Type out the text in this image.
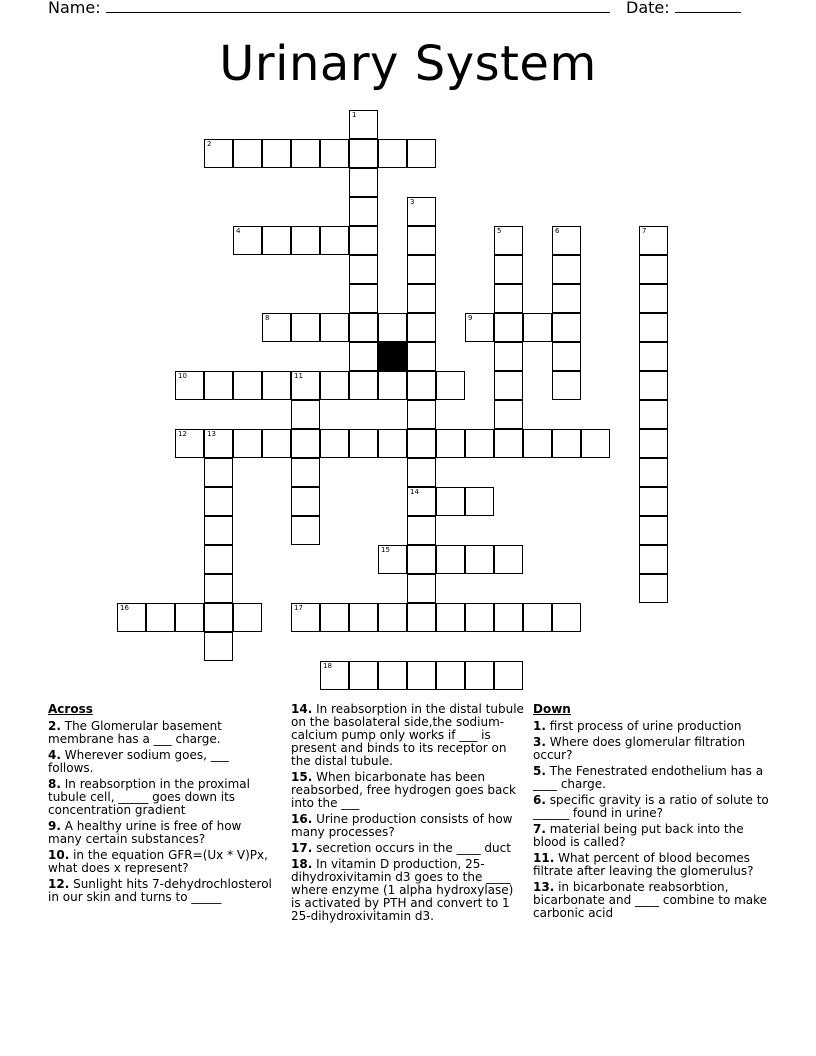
Name:	Date:
Urinary System
1
2
3
14
4	5	6	7
8	9
10	11
12	13
15
16	17
18
Across
2. The Glomerular basement membrane has a ___ charge.
4. Wherever sodium goes, ___ follows.
8. In reabsorption in the proximal tubule cell, _____ goes down its concentration gradient
9. A healthy urine is free of how many certain substances?
10. in the equation GFR=(Ux * V)Px, what does x represent?
12. Sunlight hits 7-dehydrochlosterol in our skin and turns to _____
14. In reabsorption in the distal tubule on the basolateral side,the sodium-calcium pump only works if ___ is present and binds to its receptor on the distal tubule.
15. When bicarbonate has been reabsorbed, free hydrogen goes back into the ___
16. Urine production consists of how many processes?
17. secretion occurs in the ____ duct
18. In vitamin D production, 25-dihydroxivitamin d3 goes to the ____ where enzyme (1 alpha hydroxylase) is activated by PTH and convert to 1 25-dihydroxivitamin d3.
Down
1. first process of urine production
3. Where does glomerular filtration occur?
5. The Fenestrated endothelium has a ____ charge.
6. specific gravity is a ratio of solute to ______ found in urine?
7. material being put back into the blood is called?
11. What percent of blood becomes filtrate after leaving the glomerulus?
13. in bicarbonate reabsorbtion, bicarbonate and ____ combine to make carbonic acid
